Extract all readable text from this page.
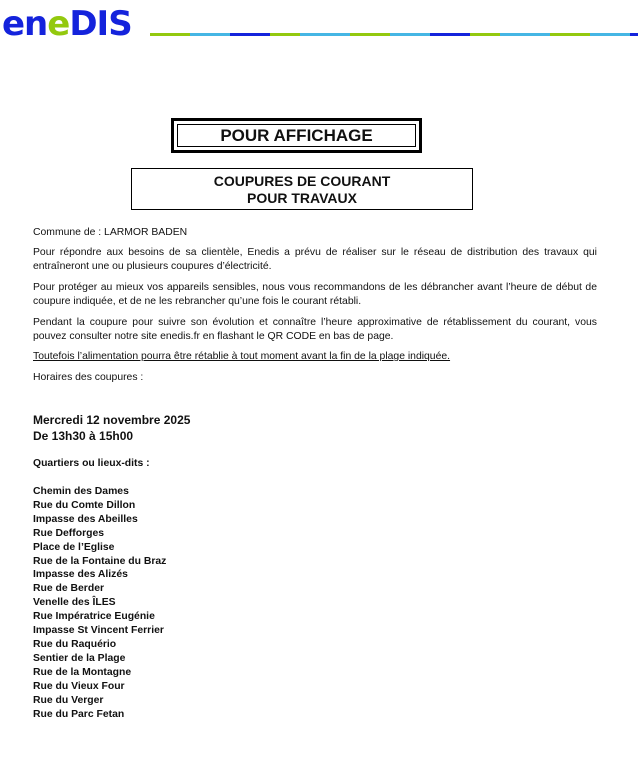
eneDIS
POUR AFFICHAGE
COUPURES DE COURANT
POUR TRAVAUX
Commune de : LARMOR BADEN
Pour répondre aux besoins de sa clientèle, Enedis a prévu de réaliser sur le réseau de distribution des travaux qui entraîneront une ou plusieurs coupures d’électricité.
Pour protéger au mieux vos appareils sensibles, nous vous recommandons de les débrancher avant l’heure de début de coupure indiquée, et de ne les rebrancher qu’une fois le courant rétabli.
Pendant la coupure pour suivre son évolution et connaître l’heure approximative de rétablissement du courant, vous pouvez consulter notre site enedis.fr en flashant le QR CODE en bas de page.
Toutefois l’alimentation pourra être rétablie à tout moment avant la fin de la plage indiquée.
Horaires des coupures :
Mercredi 12 novembre 2025
De 13h30 à 15h00
Quartiers ou lieux-dits :
Chemin des Dames
Rue du Comte Dillon
Impasse des Abeilles
Rue Defforges
Place de l’Eglise
Rue de la Fontaine du Braz
Impasse des Alizés
Rue de Berder
Venelle des ÎLES
Rue Impératrice Eugénie
Impasse St Vincent Ferrier
Rue du Raquério
Sentier de la Plage
Rue de la Montagne
Rue du Vieux Four
Rue du Verger
Rue du Parc Fetan
